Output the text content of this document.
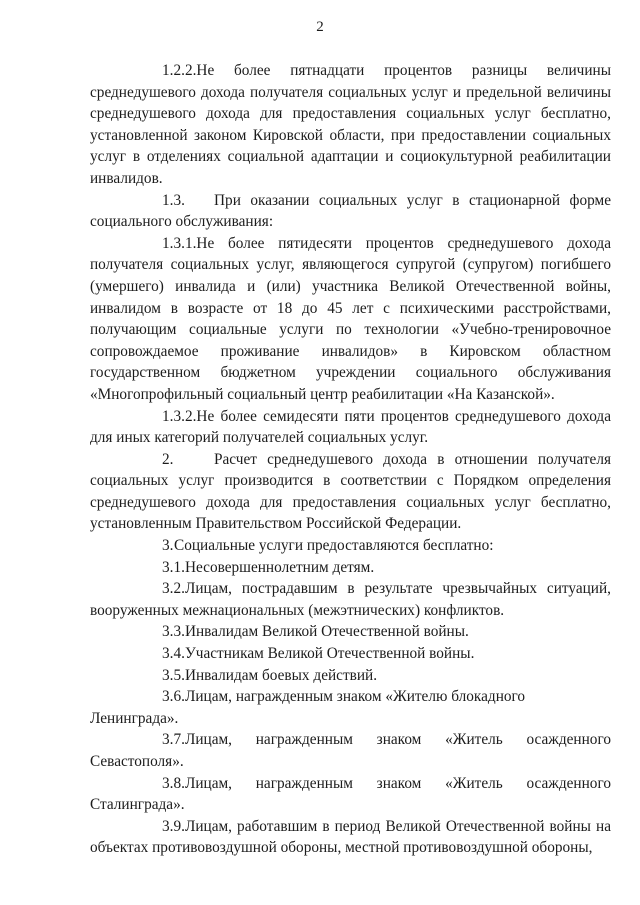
2

1.2.2.Не более пятнадцати процентов разницы величины среднедушевого дохода получателя социальных услуг и предельной величины среднедушевого дохода для предоставления социальных услуг бесплатно, установленной законом Кировской области, при предоставлении социальных услуг в отделениях социальной адаптации и социокультурной реабилитации инвалидов.

1.3. При оказании социальных услуг в стационарной форме социального обслуживания:

1.3.1.Не более пятидесяти процентов среднедушевого дохода получателя социальных услуг, являющегося супругой (супругом) погибшего (умершего) инвалида и (или) участника Великой Отечественной войны, инвалидом в возрасте от 18 до 45 лет с психическими расстройствами, получающим социальные услуги по технологии «Учебно-тренировочное сопровождаемое проживание инвалидов» в Кировском областном государственном бюджетном учреждении социального обслуживания «Многопрофильный социальный центр реабилитации «На Казанской».

1.3.2.Не более семидесяти пяти процентов среднедушевого дохода для иных категорий получателей социальных услуг.

2.	Расчет среднедушевого дохода в отношении получателя социальных услуг производится в соответствии с Порядком определения среднедушевого дохода для предоставления социальных услуг бесплатно, установленным Правительством Российской Федерации.

3.Социальные услуги предоставляются бесплатно:

3.1.Несовершеннолетним детям.

3.2.Лицам, пострадавшим в результате чрезвычайных ситуаций, вооруженных межнациональных (межэтнических) конфликтов.

3.3.Инвалидам Великой Отечественной войны.

3.4.Участникам Великой Отечественной войны.

3.5.Инвалидам боевых действий.

3.6.Лицам, награжденным знаком «Жителю блокадного Ленинграда».

3.7.Лицам, награжденным знаком «Житель осажденного Севастополя».

3.8.Лицам, награжденным знаком «Житель осажденного Сталинграда».

3.9.Лицам, работавшим в период Великой Отечественной войны на объектах противовоздушной обороны, местной противовоздушной обороны,
